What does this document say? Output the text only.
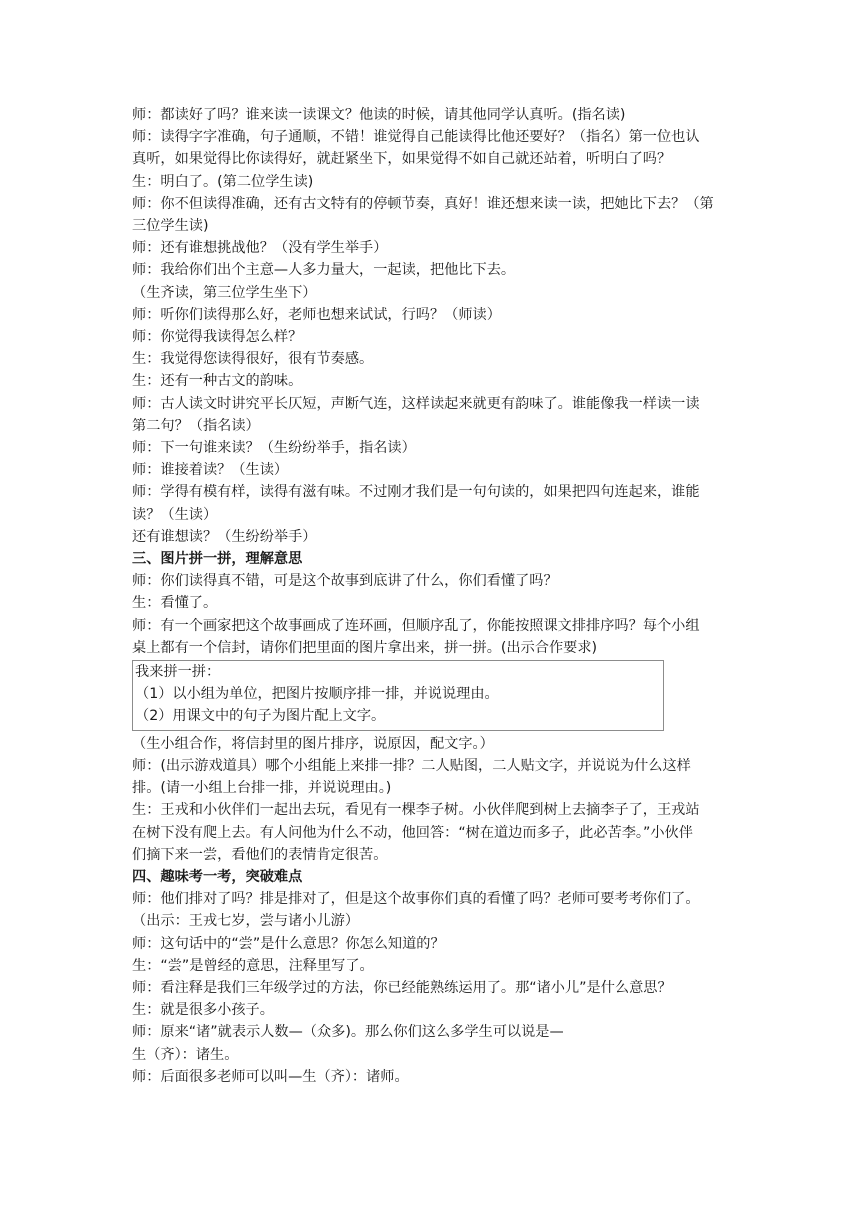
师：都读好了吗？谁来读一读课文？他读的时候，请其他同学认真听。(指名读)
师：读得字字准确，句子通顺，不错！谁觉得自己能读得比他还要好？（指名）第一位也认
真听，如果觉得比你读得好，就赶紧坐下，如果觉得不如自己就还站着，听明白了吗？
生：明白了。(第二位学生读)
师：你不但读得准确，还有古文特有的停顿节奏，真好！谁还想来读一读，把她比下去？（第
三位学生读)
师：还有谁想挑战他？（没有学生举手）
师：我给你们出个主意—人多力量大，一起读，把他比下去。
（生齐读，第三位学生坐下）
师：听你们读得那么好，老师也想来试试，行吗？（师读）
师：你觉得我读得怎么样？
生：我觉得您读得很好，很有节奏感。
生：还有一种古文的韵味。
师：古人读文时讲究平长仄短，声断气连，这样读起来就更有韵味了。谁能像我一样读一读
第二句？（指名读）
师：下一句谁来读？（生纷纷举手，指名读）
师：谁接着读？（生读）
师：学得有模有样，读得有滋有味。不过刚才我们是一句句读的，如果把四句连起来，谁能
读？（生读）
还有谁想读？（生纷纷举手）
三、图片拼一拼，理解意思
师：你们读得真不错，可是这个故事到底讲了什么，你们看懂了吗？
生：看懂了。
师：有一个画家把这个故事画成了连环画，但顺序乱了，你能按照课文排排序吗？每个小组
桌上都有一个信封，请你们把里面的图片拿出来，拼一拼。(出示合作要求)
我来拼一拼：
（1）以小组为单位，把图片按顺序排一排，并说说理由。
（2）用课文中的句子为图片配上文字。
（生小组合作，将信封里的图片排序，说原因，配文字。）
师：(出示游戏道具）哪个小组能上来排一排？二人贴图，二人贴文字，并说说为什么这样
排。(请一小组上台排一排，并说说理由。)
生：王戎和小伙伴们一起出去玩，看见有一棵李子树。小伙伴爬到树上去摘李子了，王戎站
在树下没有爬上去。有人问他为什么不动，他回答：“树在道边而多子，此必苦李。”小伙伴
们摘下来一尝，看他们的表情肯定很苦。
四、趣味考一考，突破难点
师：他们排对了吗？排是排对了，但是这个故事你们真的看懂了吗？老师可要考考你们了。
（出示：王戎七岁，尝与诸小儿游）
师：这句话中的“尝”是什么意思？你怎么知道的？
生：“尝”是曾经的意思，注释里写了。
师：看注释是我们三年级学过的方法，你已经能熟练运用了。那“诸小儿”是什么意思？
生：就是很多小孩子。
师：原来“诸”就表示人数—（众多)。那么你们这么多学生可以说是—
生（齐）：诸生。
师：后面很多老师可以叫—生（齐）：诸师。
